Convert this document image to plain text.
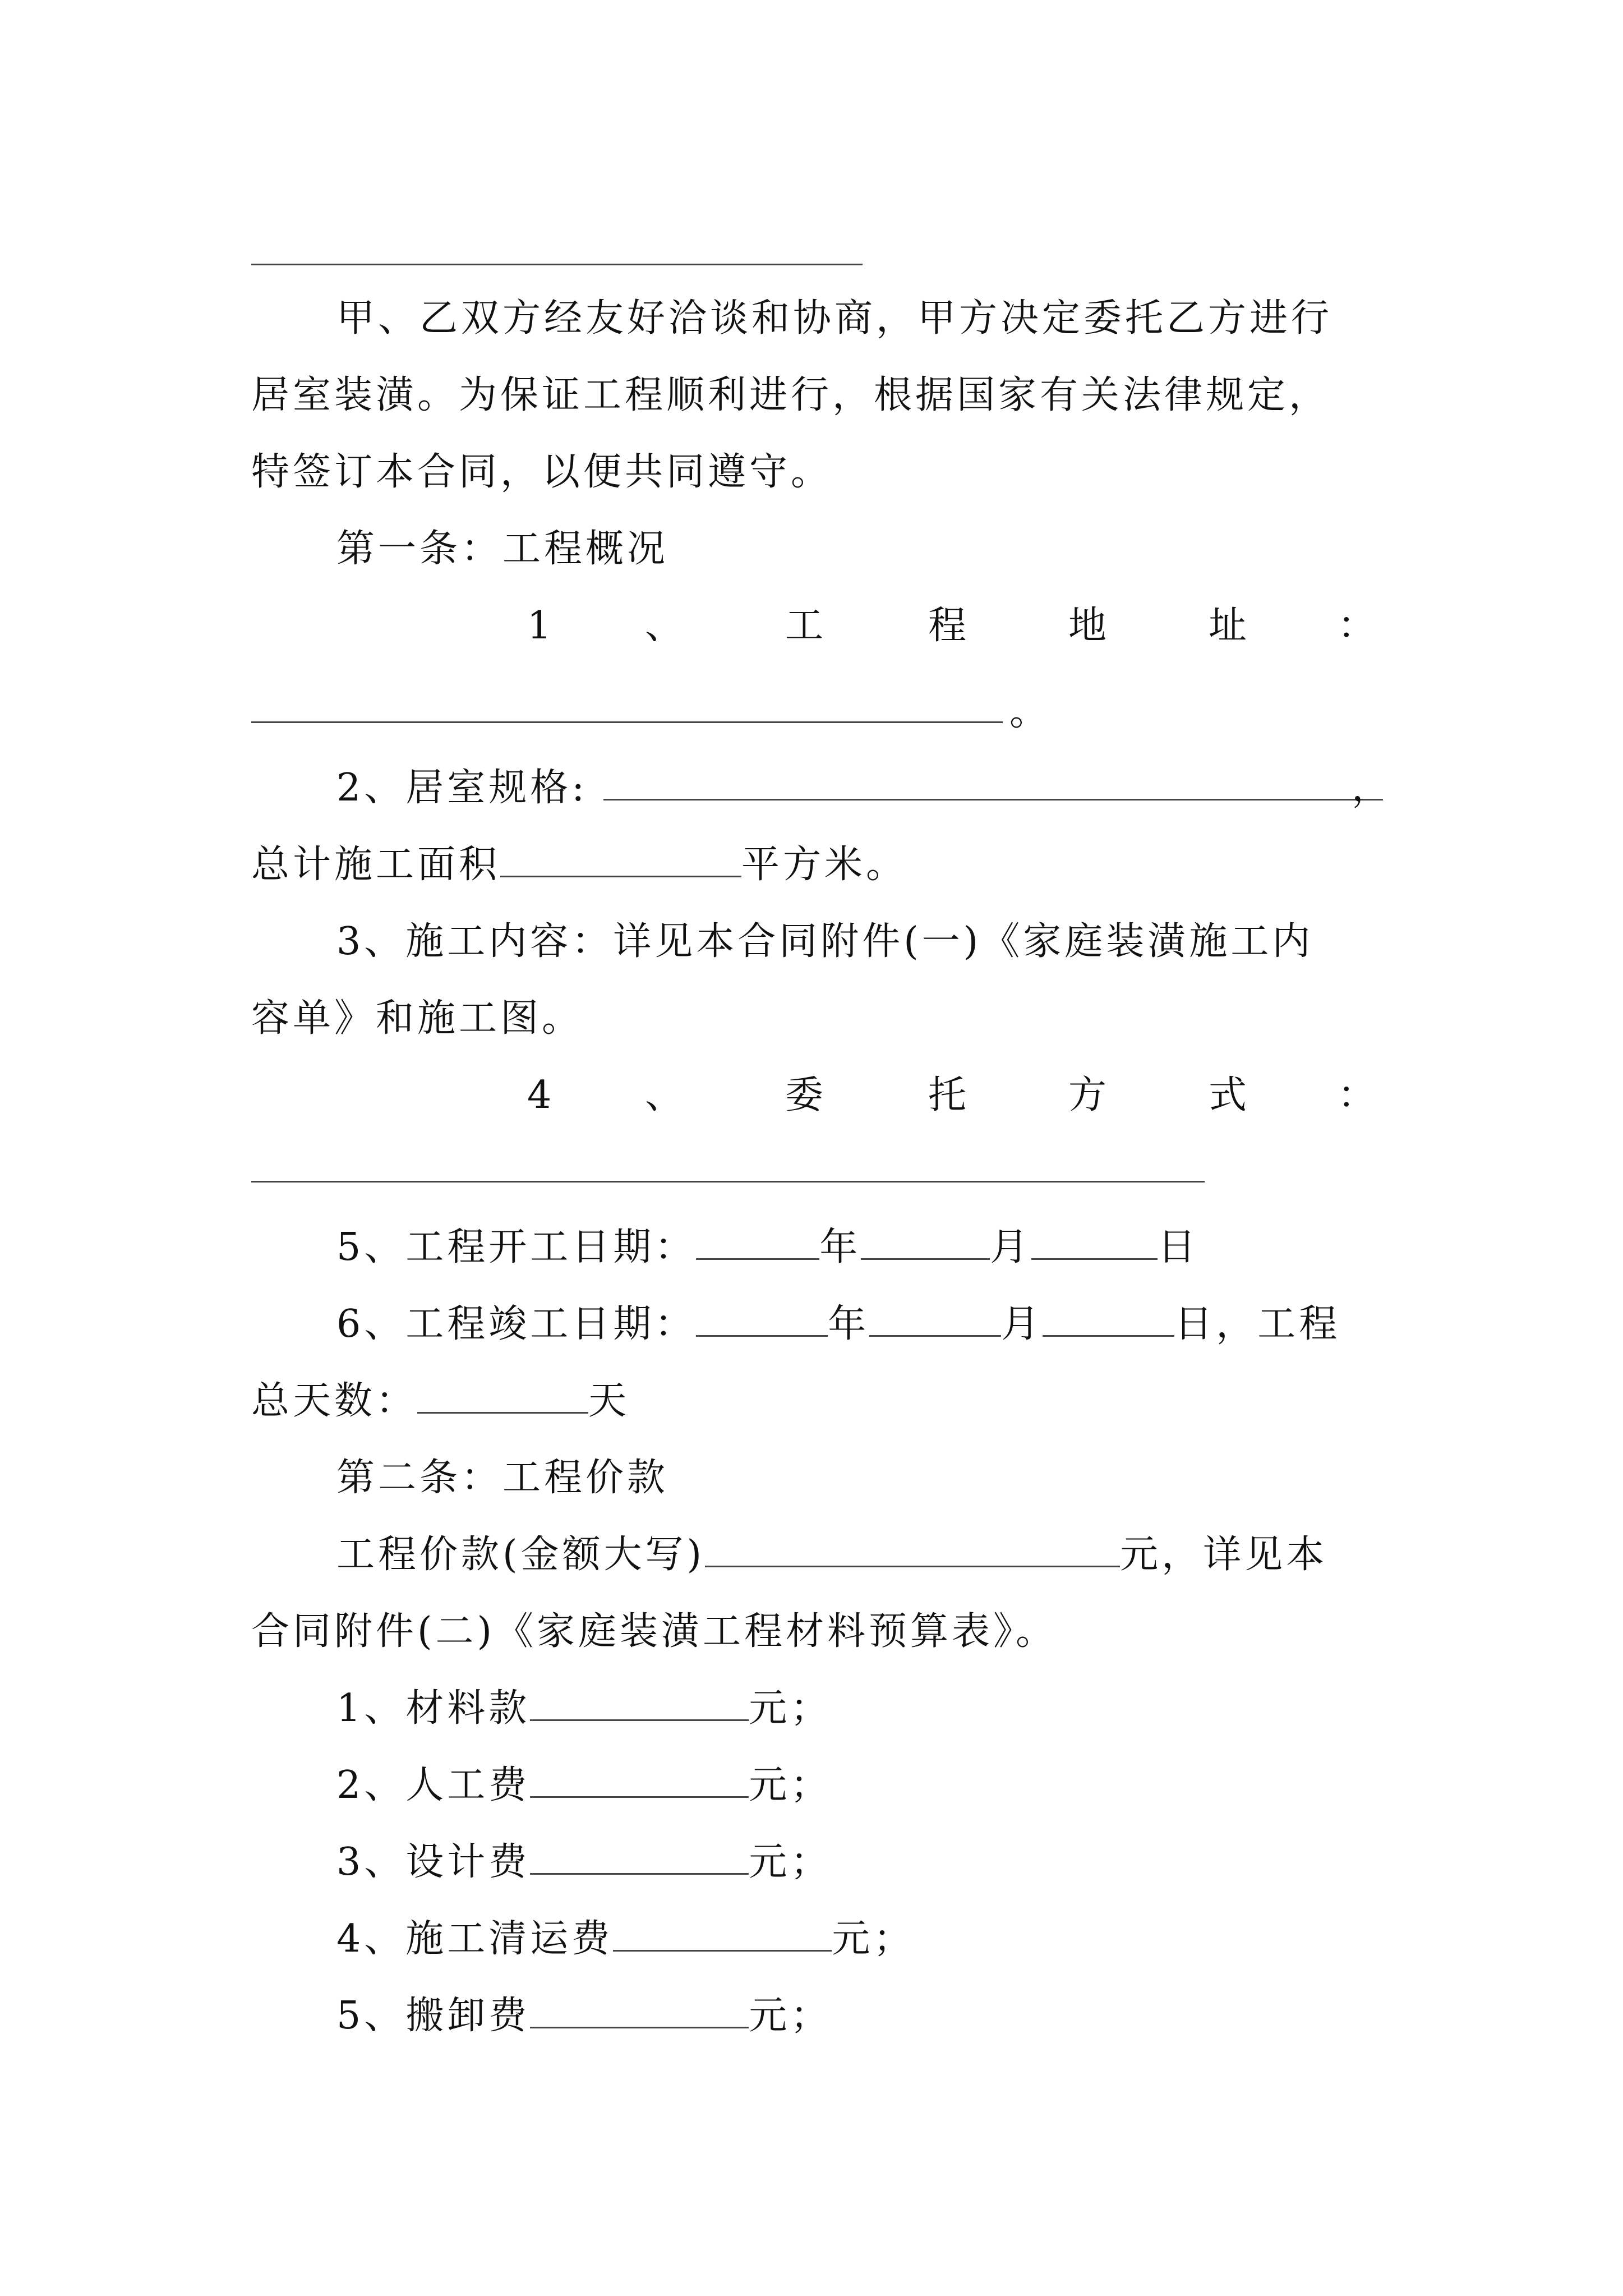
甲、乙双方经友好洽谈和协商，甲方决定委托乙方进行
居室装潢。为保证工程顺利进行，根据国家有关法律规定，
特签订本合同，以便共同遵守。
第一条：工程概况
1 、	工	程	地	址 ：
。
2、居室规格:	，
总计施工面积	平方米。
3、施工内容：详见本合同附件(一)《家庭装潢施工内
容单》和施工图。
4 、	委	托	方	式 ：
5、工程开工日期：	年	月	日
6、工程竣工日期：	年	月	日，工程
总天数：	天
第二条：工程价款
工程价款(金额大写)	元，详见本
合同附件(二)《家庭装潢工程材料预算表》。
1、材料款	元；
2、人工费	元；
3、设计费	元；
4、施工清运费	元；
5、搬卸费	元；
